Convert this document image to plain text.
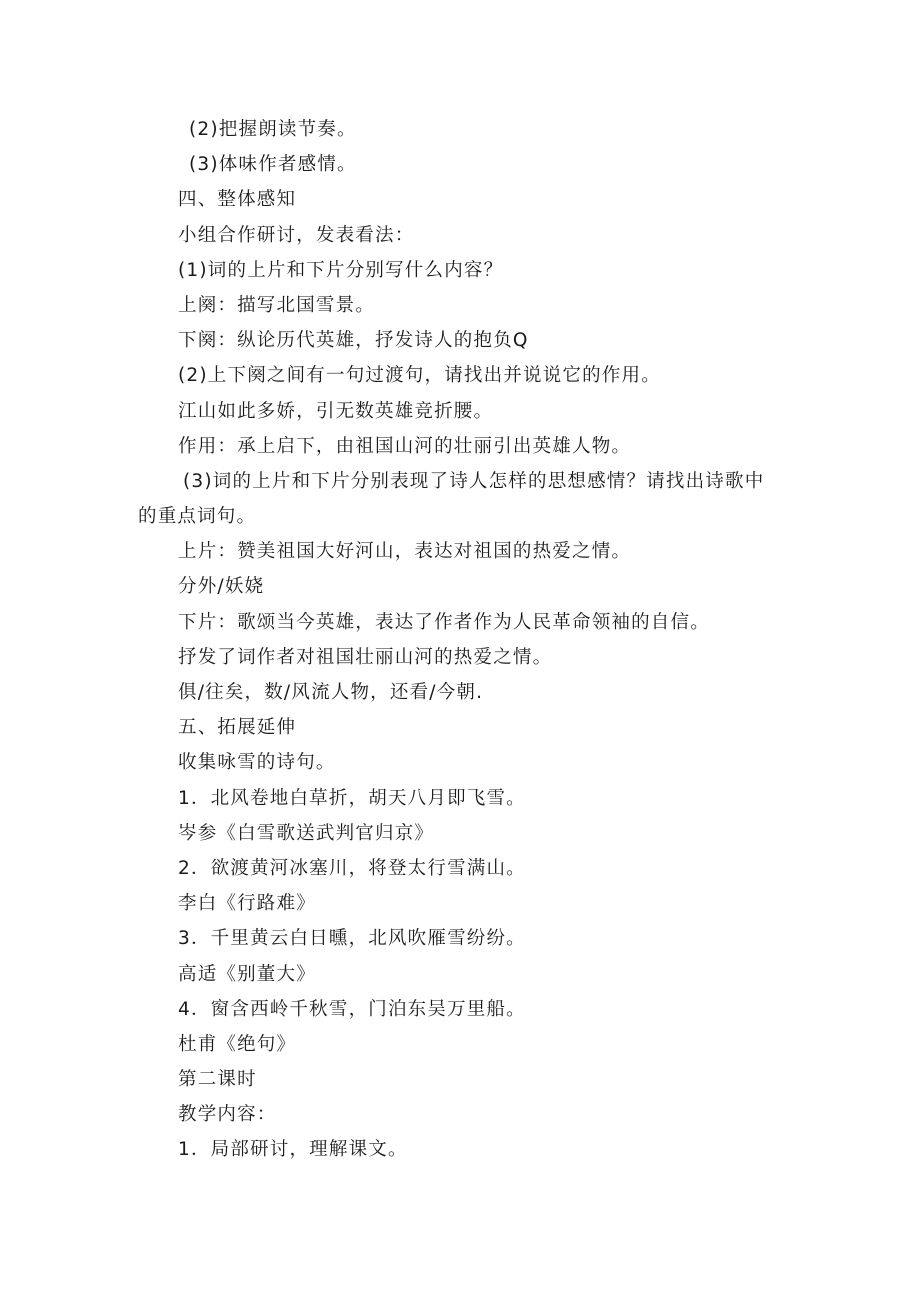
(2)把握朗读节奏。
(3)体味作者感情。
四、整体感知
小组合作研讨，发表看法：
(1)词的上片和下片分别写什么内容？
上阕：描写北国雪景。
下阕：纵论历代英雄，抒发诗人的抱负Q
(2)上下阕之间有一句过渡句，请找出并说说它的作用。
江山如此多娇，引无数英雄竞折腰。
作用：承上启下，由祖国山河的壮丽引出英雄人物。
(3)词的上片和下片分别表现了诗人怎样的思想感情？请找出诗歌中
的重点词句。
上片：赞美祖国大好河山，表达对祖国的热爱之情。
分外/妖娆
下片：歌颂当今英雄，表达了作者作为人民革命领袖的自信。
抒发了词作者对祖国壮丽山河的热爱之情。
俱/往矣，数/风流人物，还看/今朝.
五、拓展延伸
收集咏雪的诗句。
1．北风卷地白草折，胡天八月即飞雪。
岑参《白雪歌送武判官归京》
2．欲渡黄河冰塞川，将登太行雪满山。
李白《行路难》
3．千里黄云白日曛，北风吹雁雪纷纷。
高适《别董大》
4．窗含西岭千秋雪，门泊东吴万里船。
杜甫《绝句》
第二课时
教学内容：
1．局部研讨，理解课文。
